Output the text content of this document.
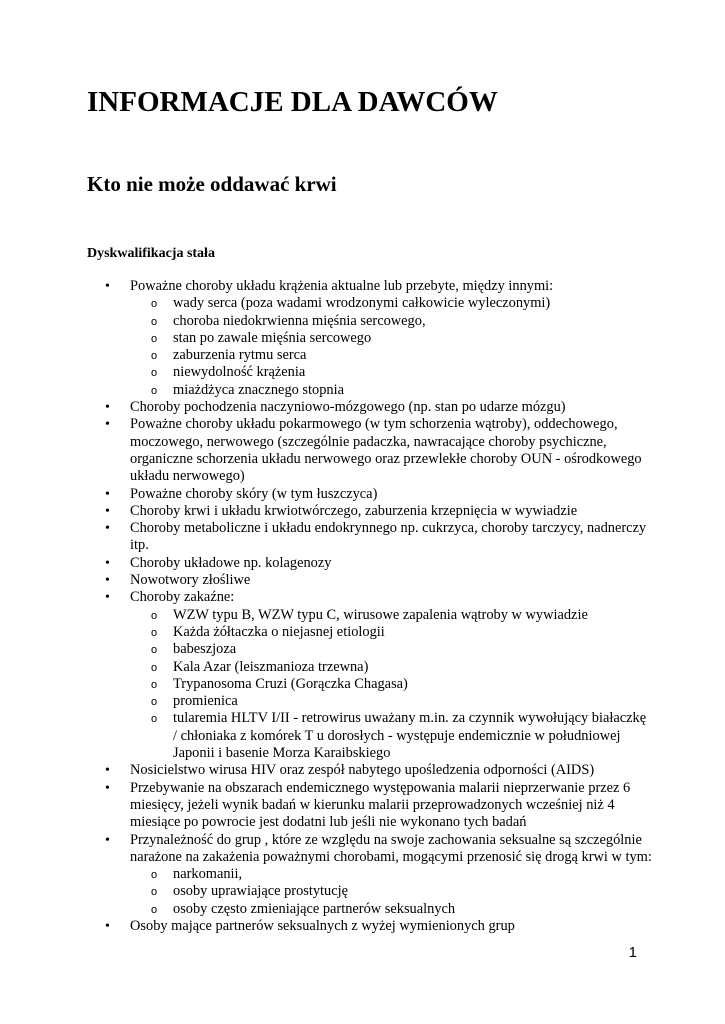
INFORMACJE DLA DAWCÓW
Kto nie może oddawać krwi
Dyskwalifikacja stała
• Poważne choroby układu krążenia aktualne lub przebyte, między innymi:
o wady serca (poza wadami wrodzonymi całkowicie wyleczonymi)
o choroba niedokrwienna mięśnia sercowego,
o stan po zawale mięśnia sercowego
o zaburzenia rytmu serca
o niewydolność krążenia
o miażdżyca znacznego stopnia
• Choroby pochodzenia naczyniowo-mózgowego (np. stan po udarze mózgu)
• Poważne choroby układu pokarmowego (w tym schorzenia wątroby), oddechowego, moczowego, nerwowego (szczególnie padaczka, nawracające choroby psychiczne, organiczne schorzenia układu nerwowego oraz przewlekłe choroby OUN - ośrodkowego układu nerwowego)
• Poważne choroby skóry (w tym łuszczyca)
• Choroby krwi i układu krwiotwórczego, zaburzenia krzepnięcia w wywiadzie
• Choroby metaboliczne i układu endokrynnego np. cukrzyca, choroby tarczycy, nadnerczy itp.
• Choroby układowe np. kolagenozy
• Nowotwory złośliwe
• Choroby zakaźne:
o WZW typu B, WZW typu C, wirusowe zapalenia wątroby w wywiadzie
o Każda żółtaczka o niejasnej etiologii
o babeszjoza
o Kala Azar (leiszmanioza trzewna)
o Trypanosoma Cruzi (Gorączka Chagasa)
o promienica
o tularemia HLTV I/II - retrowirus uważany m.in. za czynnik wywołujący białaczkę / chłoniaka z komórek T u dorosłych - występuje endemicznie w południowej Japonii i basenie Morza Karaibskiego
• Nosicielstwo wirusa HIV oraz zespół nabytego upośledzenia odporności (AIDS)
• Przebywanie na obszarach endemicznego występowania malarii nieprzerwanie przez 6 miesięcy, jeżeli wynik badań w kierunku malarii przeprowadzonych wcześniej niż 4 miesiące po powrocie jest dodatni lub jeśli nie wykonano tych badań
• Przynależność do grup , które ze względu na swoje zachowania seksualne są szczególnie narażone na zakażenia poważnymi chorobami, mogącymi przenosić się drogą krwi w tym:
o narkomanii,
o osoby uprawiające prostytucję
o osoby często zmieniające partnerów seksualnych
• Osoby mające partnerów seksualnych z wyżej wymienionych grup
1
